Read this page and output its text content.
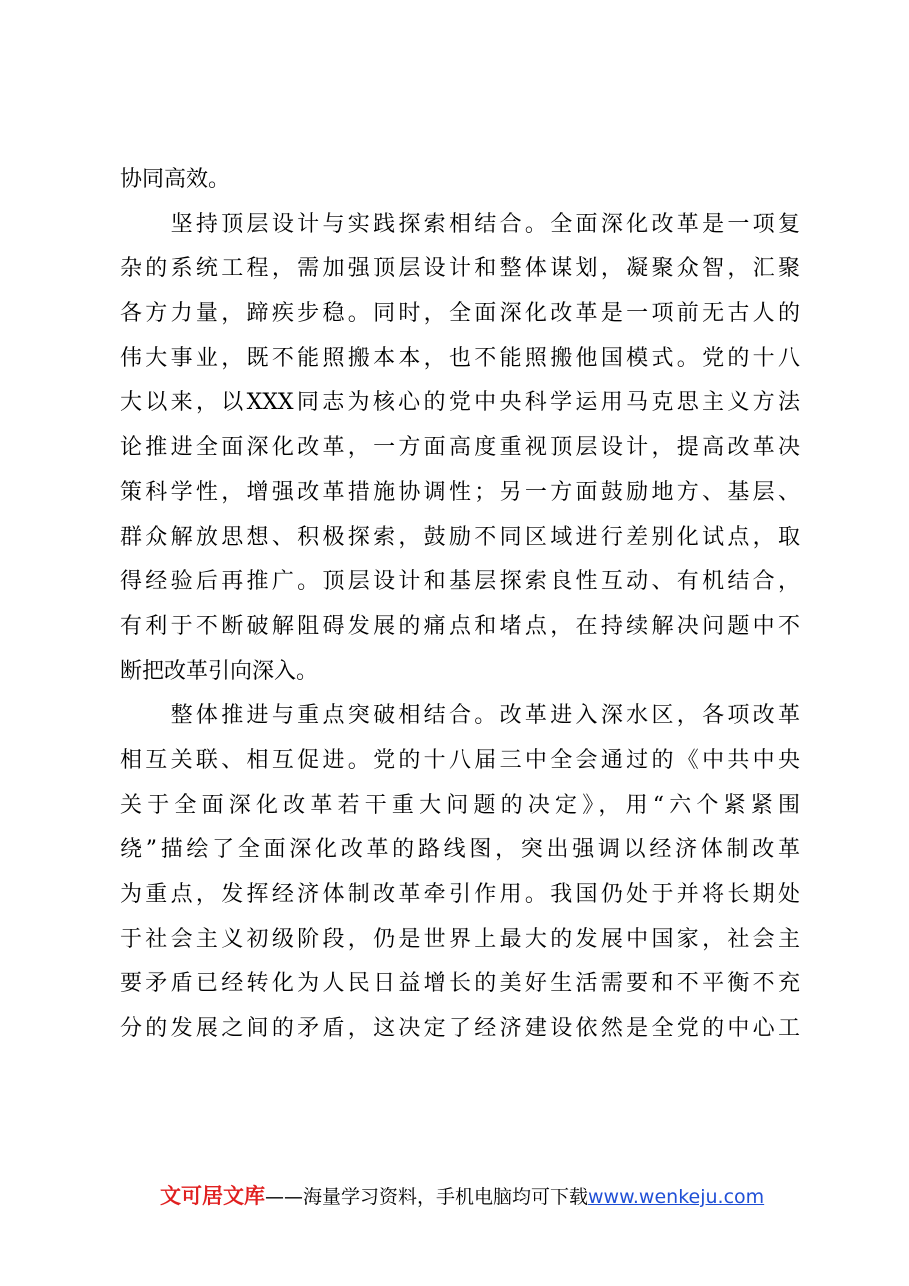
协同高效。
　　坚持顶层设计与实践探索相结合。全面深化改革是一项复
杂的系统工程，需加强顶层设计和整体谋划，凝聚众智，汇聚
各方力量，蹄疾步稳。同时，全面深化改革是一项前无古人的
伟大事业，既不能照搬本本，也不能照搬他国模式。党的十八
大以来，以XXX同志为核心的党中央科学运用马克思主义方法
论推进全面深化改革，一方面高度重视顶层设计，提高改革决
策科学性，增强改革措施协调性；另一方面鼓励地方、基层、
群众解放思想、积极探索，鼓励不同区域进行差别化试点，取
得经验后再推广。顶层设计和基层探索良性互动、有机结合，
有利于不断破解阻碍发展的痛点和堵点，在持续解决问题中不
断把改革引向深入。
　　整体推进与重点突破相结合。改革进入深水区，各项改革
相互关联、相互促进。党的十八届三中全会通过的《中共中央
关于全面深化改革若干重大问题的决定》，用“六个紧紧围
绕”描绘了全面深化改革的路线图，突出强调以经济体制改革
为重点，发挥经济体制改革牵引作用。我国仍处于并将长期处
于社会主义初级阶段，仍是世界上最大的发展中国家，社会主
要矛盾已经转化为人民日益增长的美好生活需要和不平衡不充
分的发展之间的矛盾，这决定了经济建设依然是全党的中心工
文可居文库——海量学习资料，手机电脑均可下载www.wenkeju.com
